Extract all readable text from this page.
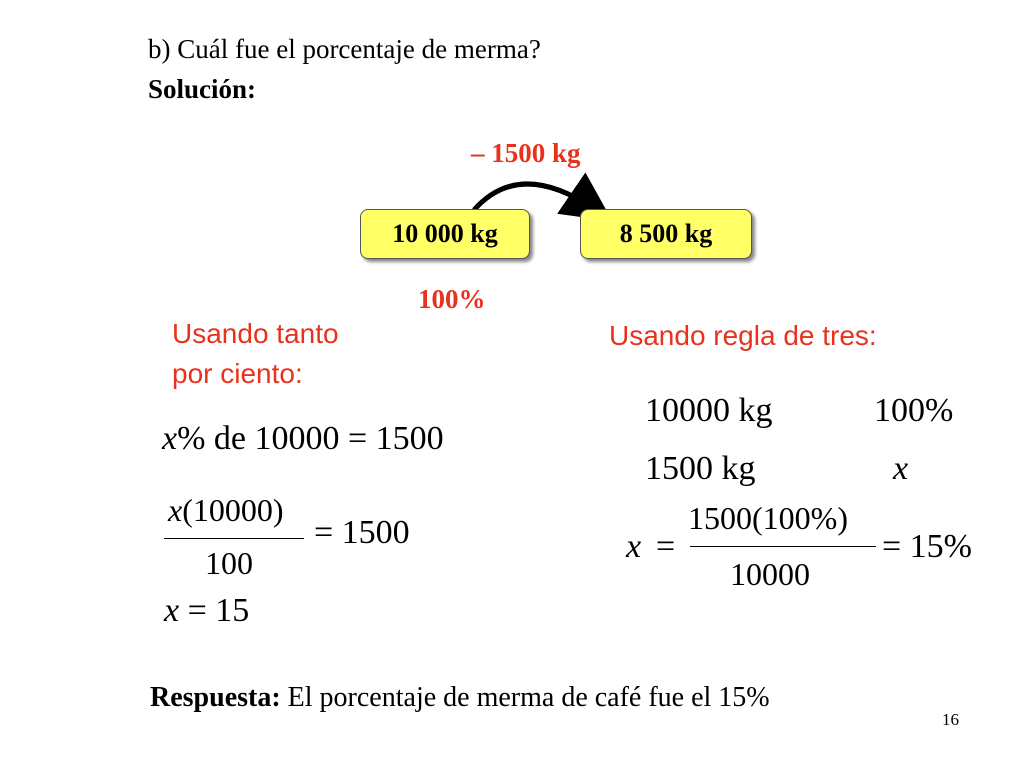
b) Cuál fue el porcentaje de merma?
Solución:
– 1500 kg
10 000 kg	8 500 kg
100%
Usando tanto
por ciento:
x% de 10000 = 1500
x(10000)
100
= 1500
x = 15
Usando regla de tres:
10000 kg	100%
1500 kg	x
x =
1500(100%)
10000
= 15%
Respuesta: El porcentaje de merma de café fue el 15%
16
